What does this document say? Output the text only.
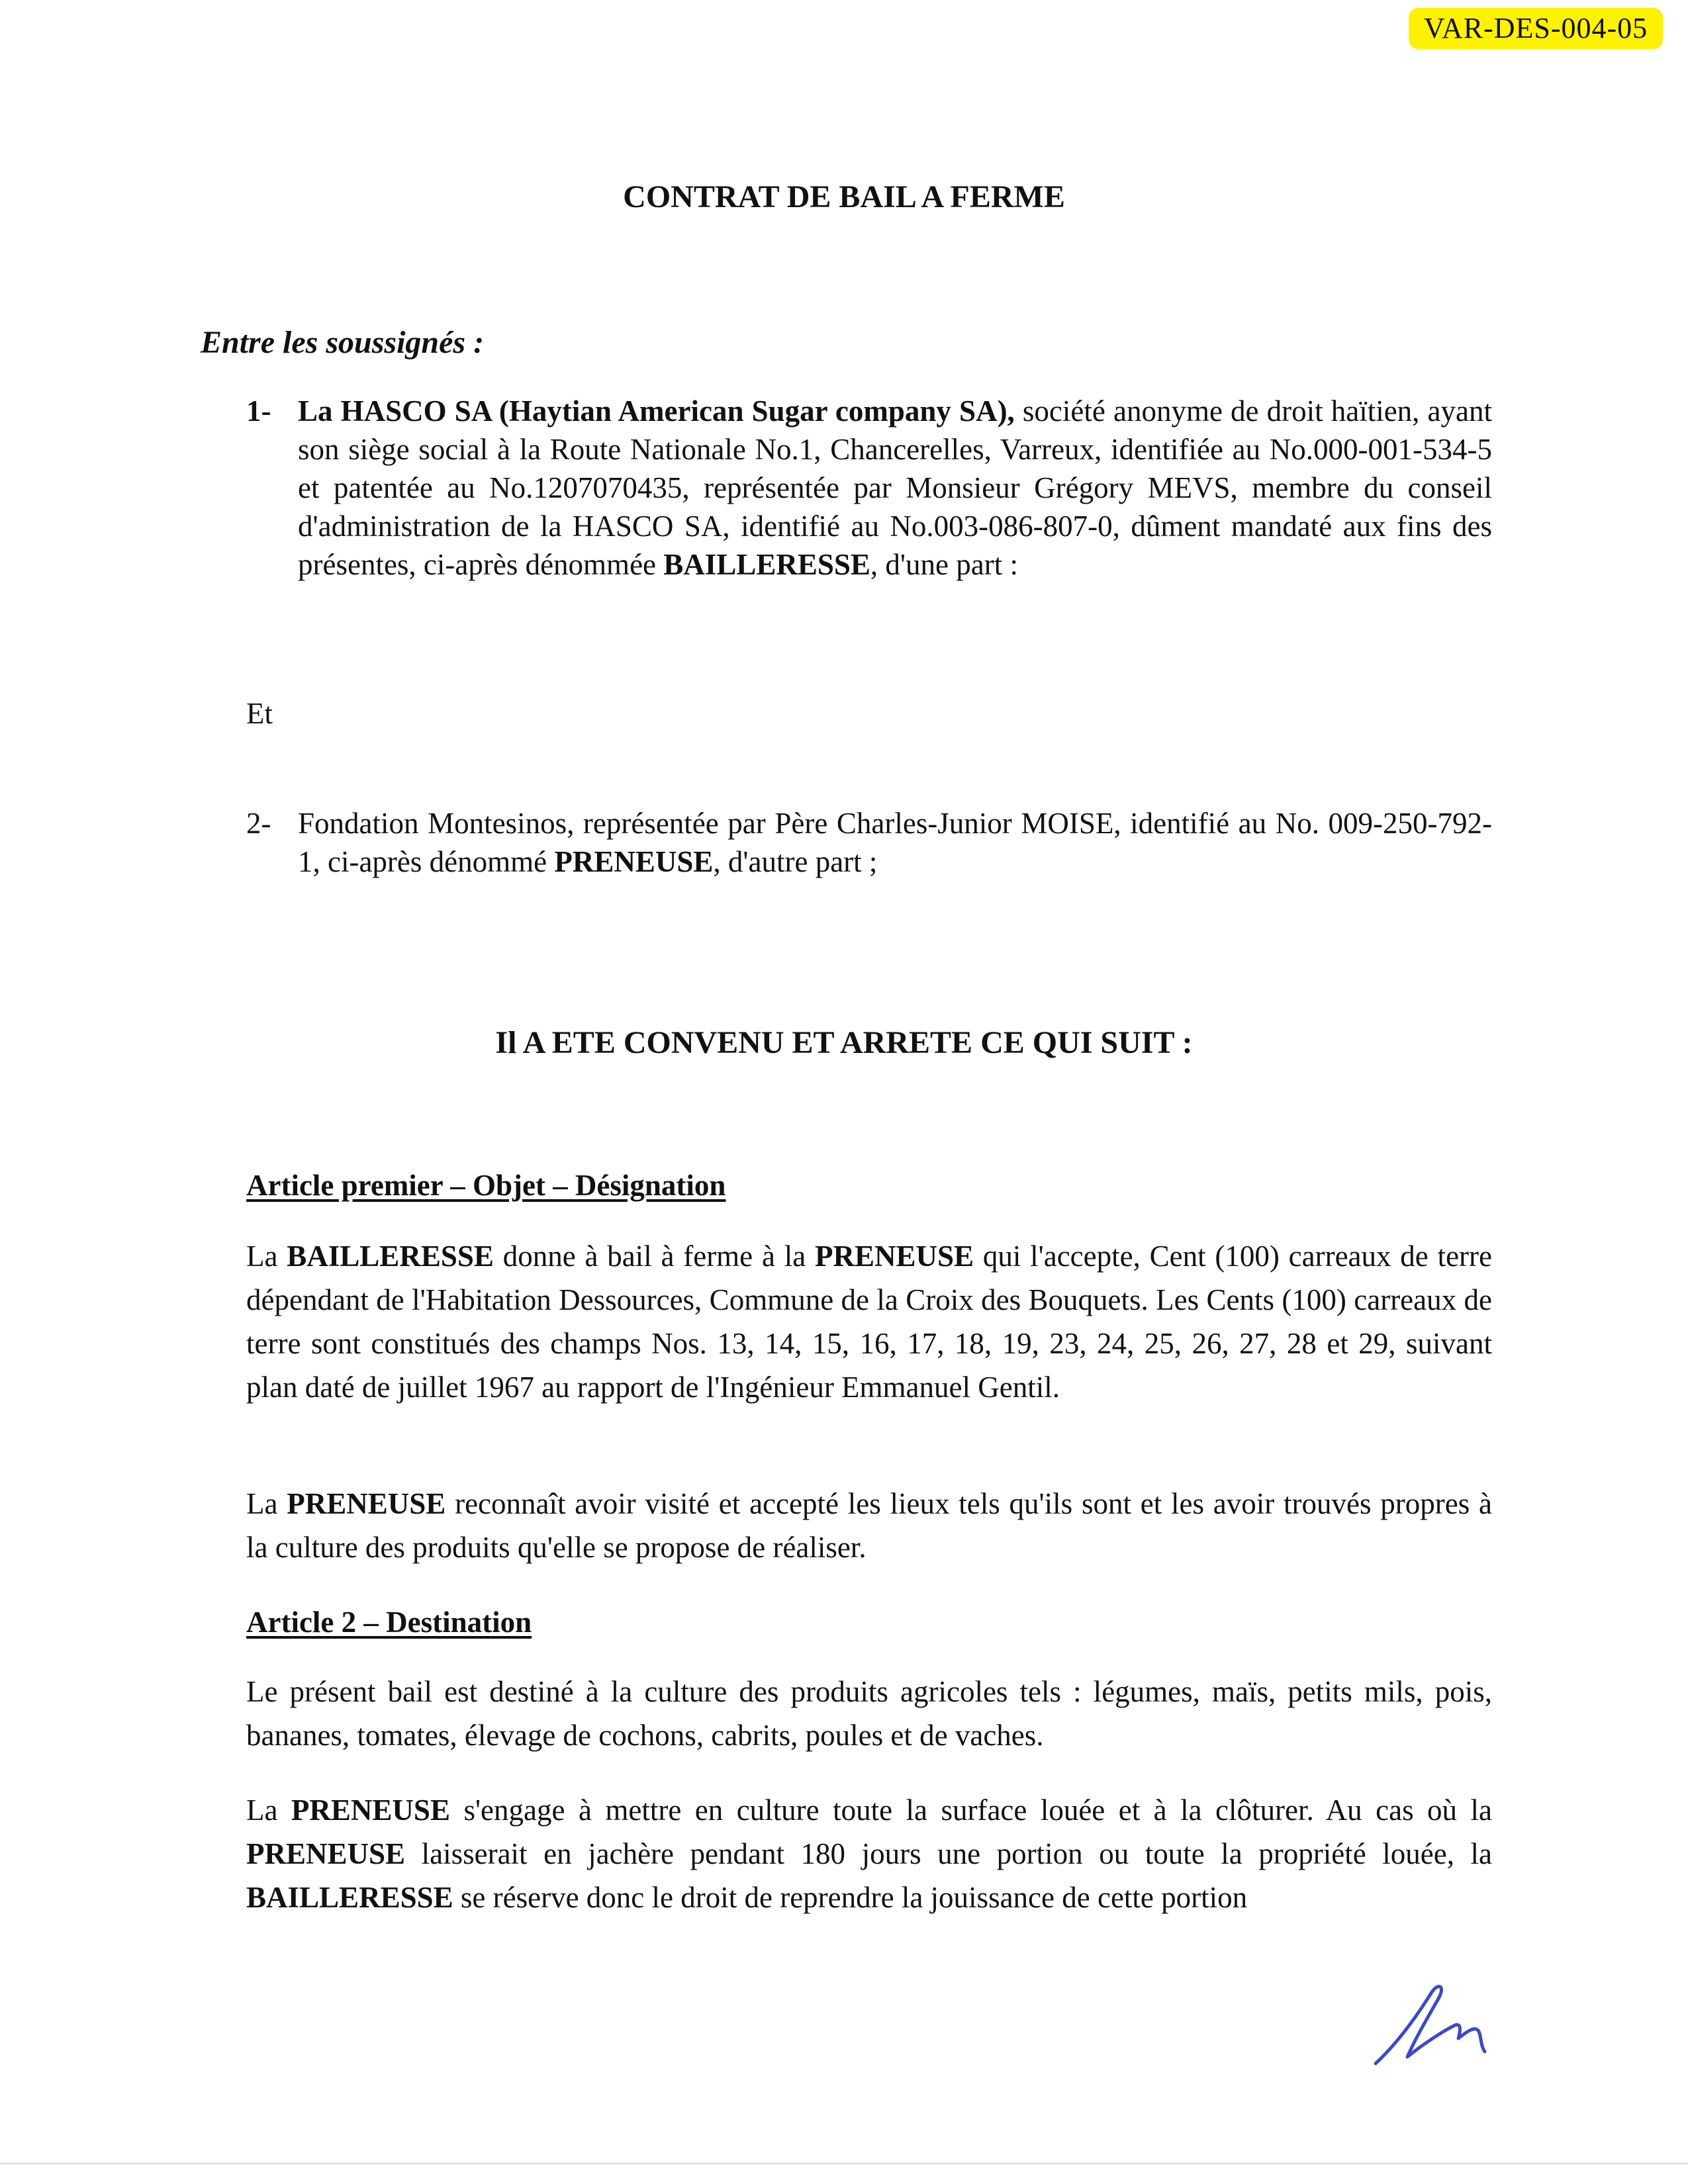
VAR-DES-004-05
CONTRAT DE BAIL A FERME
Entre les soussignés :
1- La HASCO SA (Haytian American Sugar company SA), société anonyme de droit haïtien, ayant son siège social à la Route Nationale No.1, Chancerelles, Varreux, identifiée au No.000-001-534-5 et patentée au No.1207070435, représentée par Monsieur Grégory MEVS, membre du conseil d'administration de la HASCO SA, identifié au No.003-086-807-0, dûment mandaté aux fins des présentes, ci-après dénommée BAILLERESSE, d'une part :
Et
2- Fondation Montesinos, représentée par Père Charles-Junior MOISE, identifié au No. 009-250-792-1, ci-après dénommé PRENEUSE, d'autre part ;
Il A ETE CONVENU ET ARRETE CE QUI SUIT :
Article premier – Objet – Désignation
La BAILLERESSE donne à bail à ferme à la PRENEUSE qui l'accepte, Cent (100) carreaux de terre dépendant de l'Habitation Dessources, Commune de la Croix des Bouquets. Les Cents (100) carreaux de terre sont constitués des champs Nos. 13, 14, 15, 16, 17, 18, 19, 23, 24, 25, 26, 27, 28 et 29, suivant plan daté de juillet 1967 au rapport de l'Ingénieur Emmanuel Gentil.
La PRENEUSE reconnaît avoir visité et accepté les lieux tels qu'ils sont et les avoir trouvés propres à la culture des produits qu'elle se propose de réaliser.
Article 2 – Destination
Le présent bail est destiné à la culture des produits agricoles tels : légumes, maïs, petits mils, pois, bananes, tomates, élevage de cochons, cabrits, poules et de vaches.
La PRENEUSE s'engage à mettre en culture toute la surface louée et à la clôturer. Au cas où la PRENEUSE laisserait en jachère pendant 180 jours une portion ou toute la propriété louée, la BAILLERESSE se réserve donc le droit de reprendre la jouissance de cette portion
